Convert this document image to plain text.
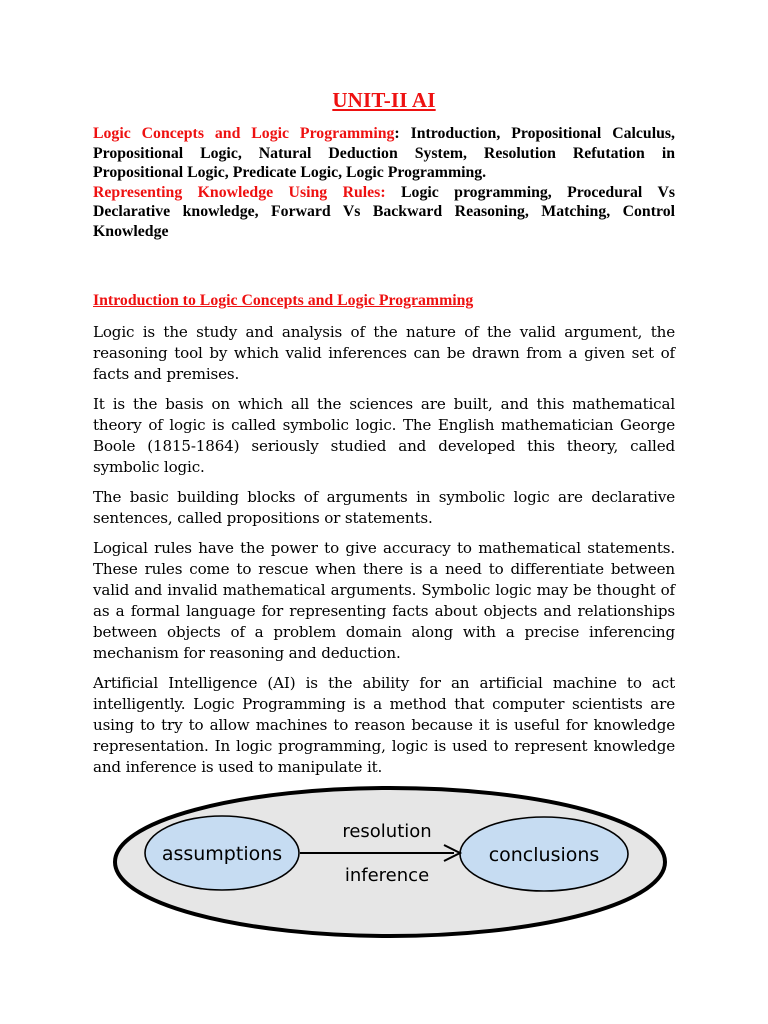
UNIT-II AI

Logic Concepts and Logic Programming: Introduction, Propositional Calculus, Propositional Logic, Natural Deduction System, Resolution Refutation in Propositional Logic, Predicate Logic, Logic Programming.

Representing Knowledge Using Rules: Logic programming, Procedural Vs Declarative knowledge, Forward Vs Backward Reasoning, Matching, Control Knowledge

Introduction to Logic Concepts and Logic Programming

Logic is the study and analysis of the nature of the valid argument, the reasoning tool by which valid inferences can be drawn from a given set of facts and premises.

It is the basis on which all the sciences are built, and this mathematical theory of logic is called symbolic logic. The English mathematician George Boole (1815-1864) seriously studied and developed this theory, called symbolic logic.

The basic building blocks of arguments in symbolic logic are declarative sentences, called propositions or statements.

Logical rules have the power to give accuracy to mathematical statements. These rules come to rescue when there is a need to differentiate between valid and invalid mathematical arguments. Symbolic logic may be thought of as a formal language for representing facts about objects and relationships between objects of a problem domain along with a precise inferencing mechanism for reasoning and deduction.

Artificial Intelligence (AI) is the ability for an artificial machine to act intelligently. Logic Programming is a method that computer scientists are using to try to allow machines to reason because it is useful for knowledge representation. In logic programming, logic is used to represent knowledge and inference is used to manipulate it.

assumptions	conclusions
resolution
inference
